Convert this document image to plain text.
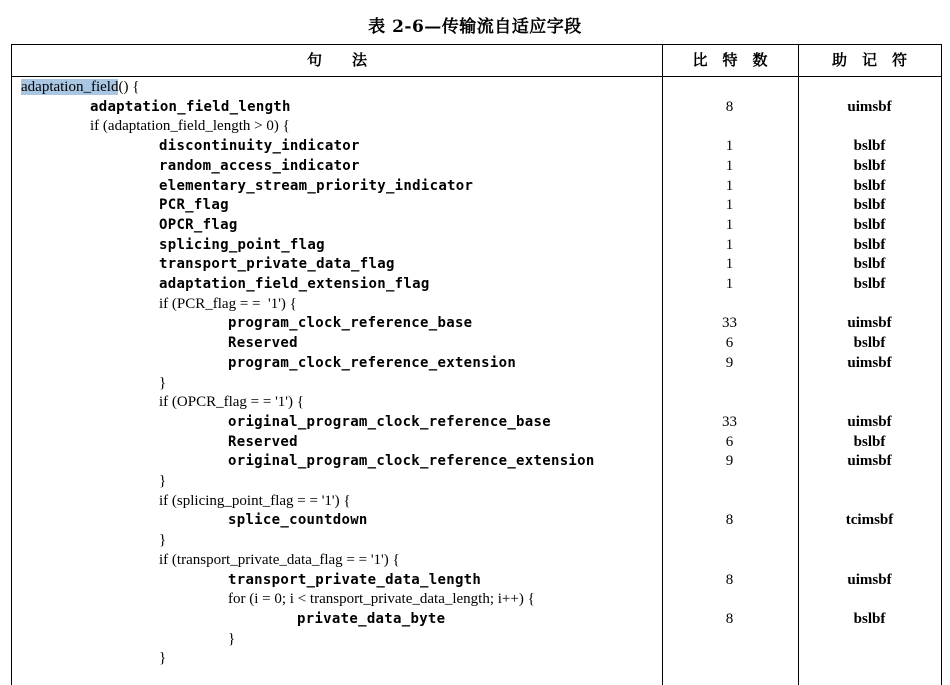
表 2-6—传输流自适应字段
句　　法	比　特　数	助　记　符
adaptation_field() {
adaptation_field_length	8	uimsbf
if (adaptation_field_length > 0) {
discontinuity_indicator	1	bslbf
random_access_indicator	1	bslbf
elementary_stream_priority_indicator	1	bslbf
PCR_flag	1	bslbf
OPCR_flag	1	bslbf
splicing_point_flag	1	bslbf
transport_private_data_flag	1	bslbf
adaptation_field_extension_flag	1	bslbf
if (PCR_flag = =  '1') {
program_clock_reference_base	33	uimsbf
Reserved	6	bslbf
program_clock_reference_extension	9	uimsbf
}
if (OPCR_flag = = '1') {
original_program_clock_reference_base	33	uimsbf
Reserved	6	bslbf
original_program_clock_reference_extension	9	uimsbf
}
if (splicing_point_flag = = '1') {
splice_countdown	8	tcimsbf
}
if (transport_private_data_flag = = '1') {
transport_private_data_length	8	uimsbf
for (i = 0; i < transport_private_data_length; i++) {
private_data_byte	8	bslbf
}
}
